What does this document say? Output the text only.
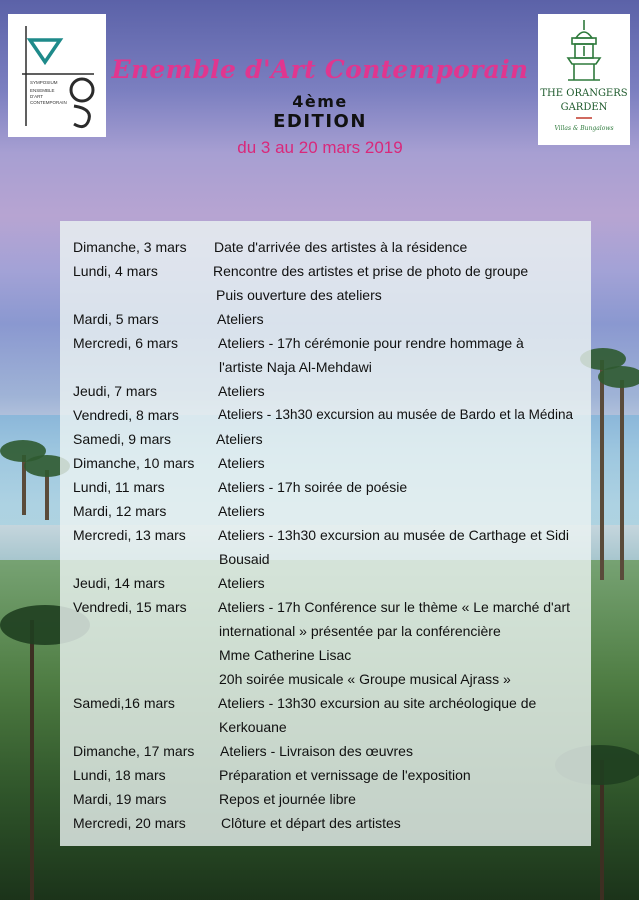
SYMPOSIUM
ENSEMBLE
D'ART
CONTEMPORAIN
THE ORANGERS
GARDEN
Villas & Bungalows
Enemble d'Art Contemporain
4ème
EDITION
du 3 au 20 mars 2019
Dimanche, 3 mars Date d'arrivée des artistes à la résidence
Lundi, 4 mars	Rencontre des artistes et prise de photo de groupe
Puis ouverture des ateliers
Mardi, 5 mars	Ateliers
Mercredi, 6 mars	Ateliers - 17h cérémonie pour rendre hommage à
l'artiste Naja Al-Mehdawi
Jeudi, 7 mars	Ateliers
Vendredi, 8 mars	Ateliers - 13h30 excursion au musée de Bardo et la Médina
Samedi, 9 mars	Ateliers
Dimanche, 10 mars Ateliers
Lundi, 11 mars	Ateliers - 17h soirée de poésie
Mardi, 12 mars	Ateliers
Mercredi, 13 mars Ateliers - 13h30 excursion au musée de Carthage et Sidi
Bousaid
Jeudi, 14 mars	Ateliers
Vendredi, 15 mars Ateliers - 17h Conférence sur le thème « Le marché d'art
international » présentée par la conférencière
Mme Catherine Lisac
20h soirée musicale « Groupe musical Ajrass »
Samedi,16 mars	Ateliers - 13h30 excursion au site archéologique de
Kerkouane
Dimanche, 17 mars Ateliers - Livraison des œuvres
Lundi, 18 mars	Préparation et vernissage de l'exposition
Mardi, 19 mars	Repos et journée libre
Mercredi, 20 mars	Clôture et départ des artistes
